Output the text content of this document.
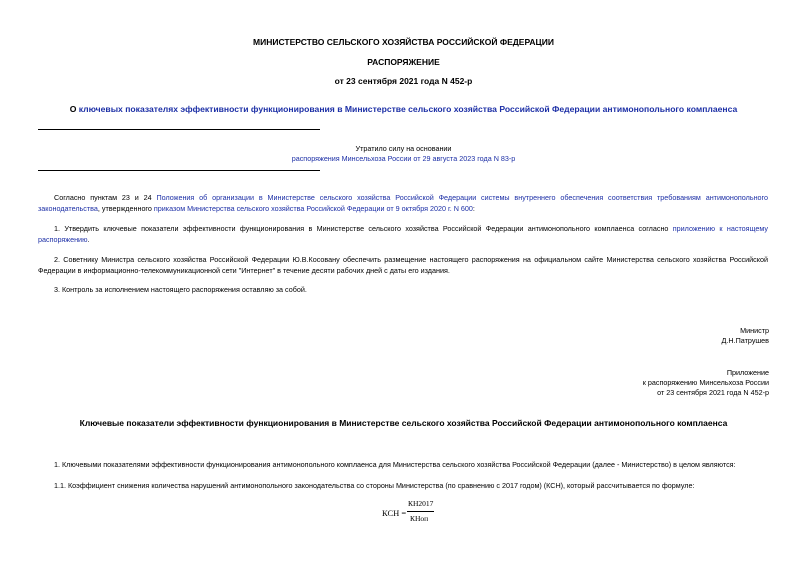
МИНИСТЕРСТВО СЕЛЬСКОГО ХОЗЯЙСТВА РОССИЙСКОЙ ФЕДЕРАЦИИ
РАСПОРЯЖЕНИЕ
от 23 сентября 2021 года N 452-р
О ключевых показателях эффективности функционирования в Министерстве сельского хозяйства Российской Федерации антимонопольного комплаенса
Утратило силу на основании
распоряжения Минсельхоза России от 29 августа 2023 года N 83-р
Согласно пунктам 23 и 24 Положения об организации в Министерстве сельского хозяйства Российской Федерации системы внутреннего обеспечения соответствия требованиям антимонопольного законодательства, утвержденного приказом Министерства сельского хозяйства Российской Федерации от 9 октября 2020 г. N 600:
1. Утвердить ключевые показатели эффективности функционирования в Министерстве сельского хозяйства Российской Федерации антимонопольного комплаенса согласно приложению к настоящему распоряжению.
2. Советнику Министра сельского хозяйства Российской Федерации Ю.В.Косовану обеспечить размещение настоящего распоряжения на официальном сайте Министерства сельского хозяйства Российской Федерации в информационно-телекоммуникационной сети "Интернет" в течение десяти рабочих дней с даты его издания.
3. Контроль за исполнением настоящего распоряжения оставляю за собой.
Министр
Д.Н.Патрушев
Приложение
к распоряжению Минсельхоза России
от 23 сентября 2021 года N 452-р
Ключевые показатели эффективности функционирования в Министерстве сельского хозяйства Российской Федерации антимонопольного комплаенса
1. Ключевыми показателями эффективности функционирования антимонопольного комплаенса для Министерства сельского хозяйства Российской Федерации (далее - Министерство) в целом являются:
1.1. Коэффициент снижения количества нарушений антимонопольного законодательства со стороны Министерства (по сравнению с 2017 годом) (КСН), который рассчитывается по формуле:
КСН =
КН2017
КНоп
